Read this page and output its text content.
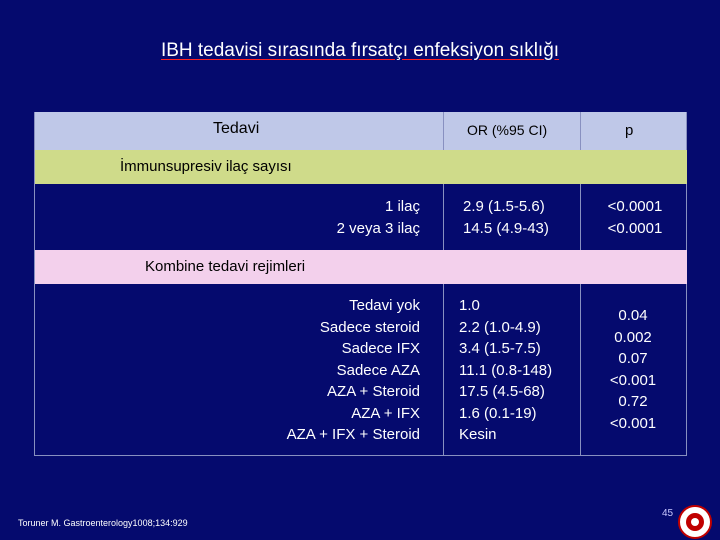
IBH tedavisi sırasında fırsatçı enfeksiyon sıklığı
Tedavi	OR (%95 CI)	p
İmmunsupresiv ilaç sayısı
1 ilaç
2 veya 3 ilaç
2.9 (1.5-5.6)
14.5 (4.9-43)
<0.0001
<0.0001
Kombine tedavi rejimleri
Tedavi yok
Sadece steroid
Sadece IFX
Sadece AZA
AZA + Steroid
AZA + IFX
AZA + IFX + Steroid
1.0
2.2 (1.0-4.9)
3.4 (1.5-7.5)
11.1 (0.8-148)
17.5 (4.5-68)
1.6 (0.1-19)
Kesin
0.04
0.002
0.07
<0.001
0.72
<0.001
Toruner M. Gastroenterology1008;134:929
45
